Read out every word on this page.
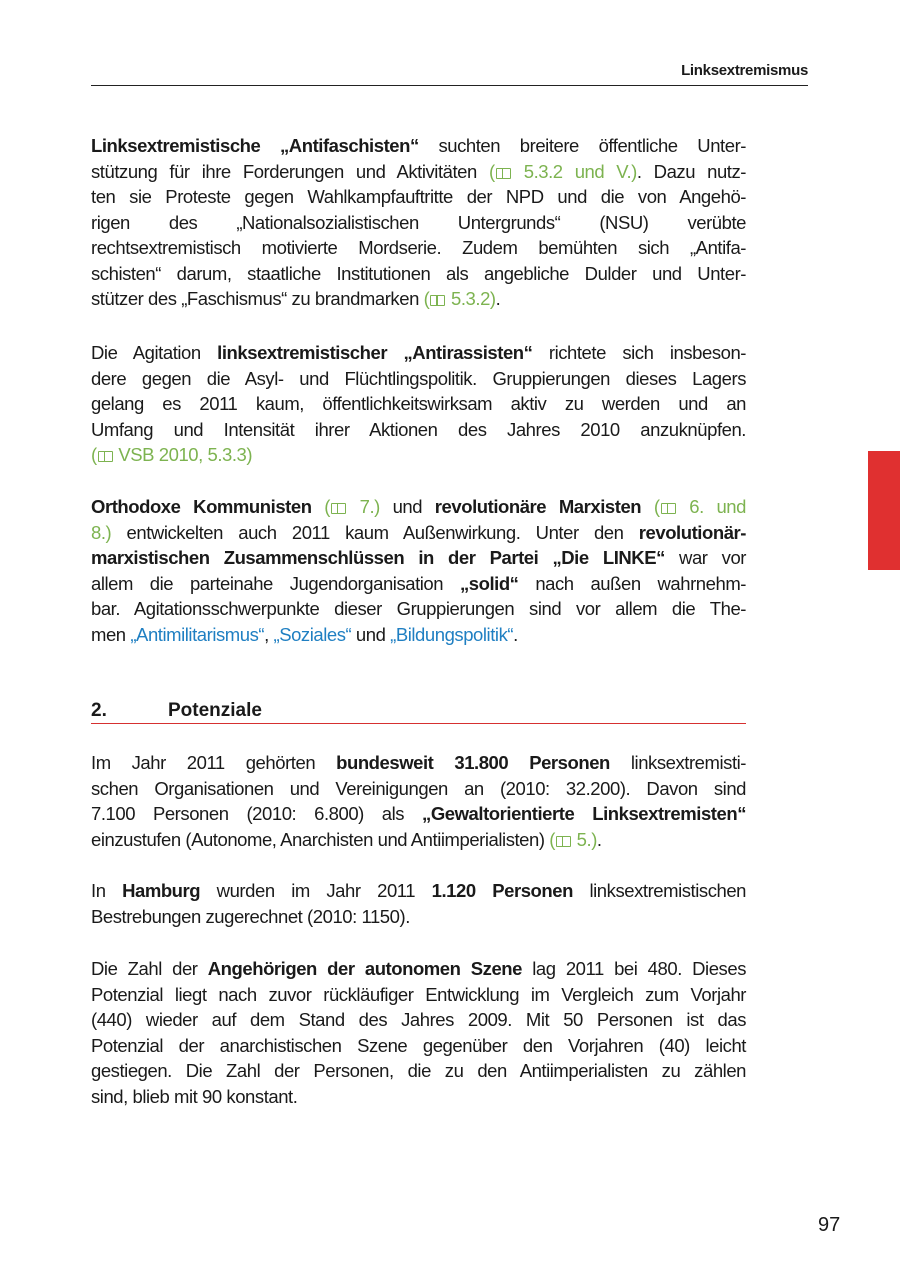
Linksextremismus
Linksextremistische „Antifaschisten“ suchten breitere öffentliche Unter-
stützung für ihre Forderungen und Aktivitäten ( 5.3.2 und V.). Dazu nutz-
ten sie Proteste gegen Wahlkampfauftritte der NPD und die von Angehö-
rigen des „Nationalsozialistischen Untergrunds“ (NSU) verübte
rechtsextremistisch motivierte Mordserie. Zudem bemühten sich „Antifa-
schisten“ darum, staatliche Institutionen als angebliche Dulder und Unter-
stützer des „Faschismus“ zu brandmarken ( 5.3.2).
Die Agitation linksextremistischer „Antirassisten“ richtete sich insbeson-
dere gegen die Asyl- und Flüchtlingspolitik. Gruppierungen dieses Lagers
gelang es 2011 kaum, öffentlichkeitswirksam aktiv zu werden und an
Umfang und Intensität ihrer Aktionen des Jahres 2010 anzuknüpfen.
( VSB 2010, 5.3.3)
Orthodoxe Kommunisten ( 7.) und revolutionäre Marxisten ( 6. und
8.) entwickelten auch 2011 kaum Außenwirkung. Unter den revolutionär-
marxistischen Zusammenschlüssen in der Partei „Die LINKE“ war vor
allem die parteinahe Jugendorganisation „solid“ nach außen wahrnehm-
bar. Agitationsschwerpunkte dieser Gruppierungen sind vor allem die The-
men „Antimilitarismus“, „Soziales“ und „Bildungspolitik“.
2.	Potenziale
Im Jahr 2011 gehörten bundesweit 31.800 Personen linksextremisti-
schen Organisationen und Vereinigungen an (2010: 32.200). Davon sind
7.100 Personen (2010: 6.800) als „Gewaltorientierte Linksextremisten“
einzustufen (Autonome, Anarchisten und Antiimperialisten) ( 5.).
In Hamburg wurden im Jahr 2011 1.120 Personen linksextremistischen
Bestrebungen zugerechnet (2010: 1150).
Die Zahl der Angehörigen der autonomen Szene lag 2011 bei 480. Dieses
Potenzial liegt nach zuvor rückläufiger Entwicklung im Vergleich zum Vorjahr
(440) wieder auf dem Stand des Jahres 2009. Mit 50 Personen ist das
Potenzial der anarchistischen Szene gegenüber den Vorjahren (40) leicht
gestiegen. Die Zahl der Personen, die zu den Antiimperialisten zu zählen
sind, blieb mit 90 konstant.
97
